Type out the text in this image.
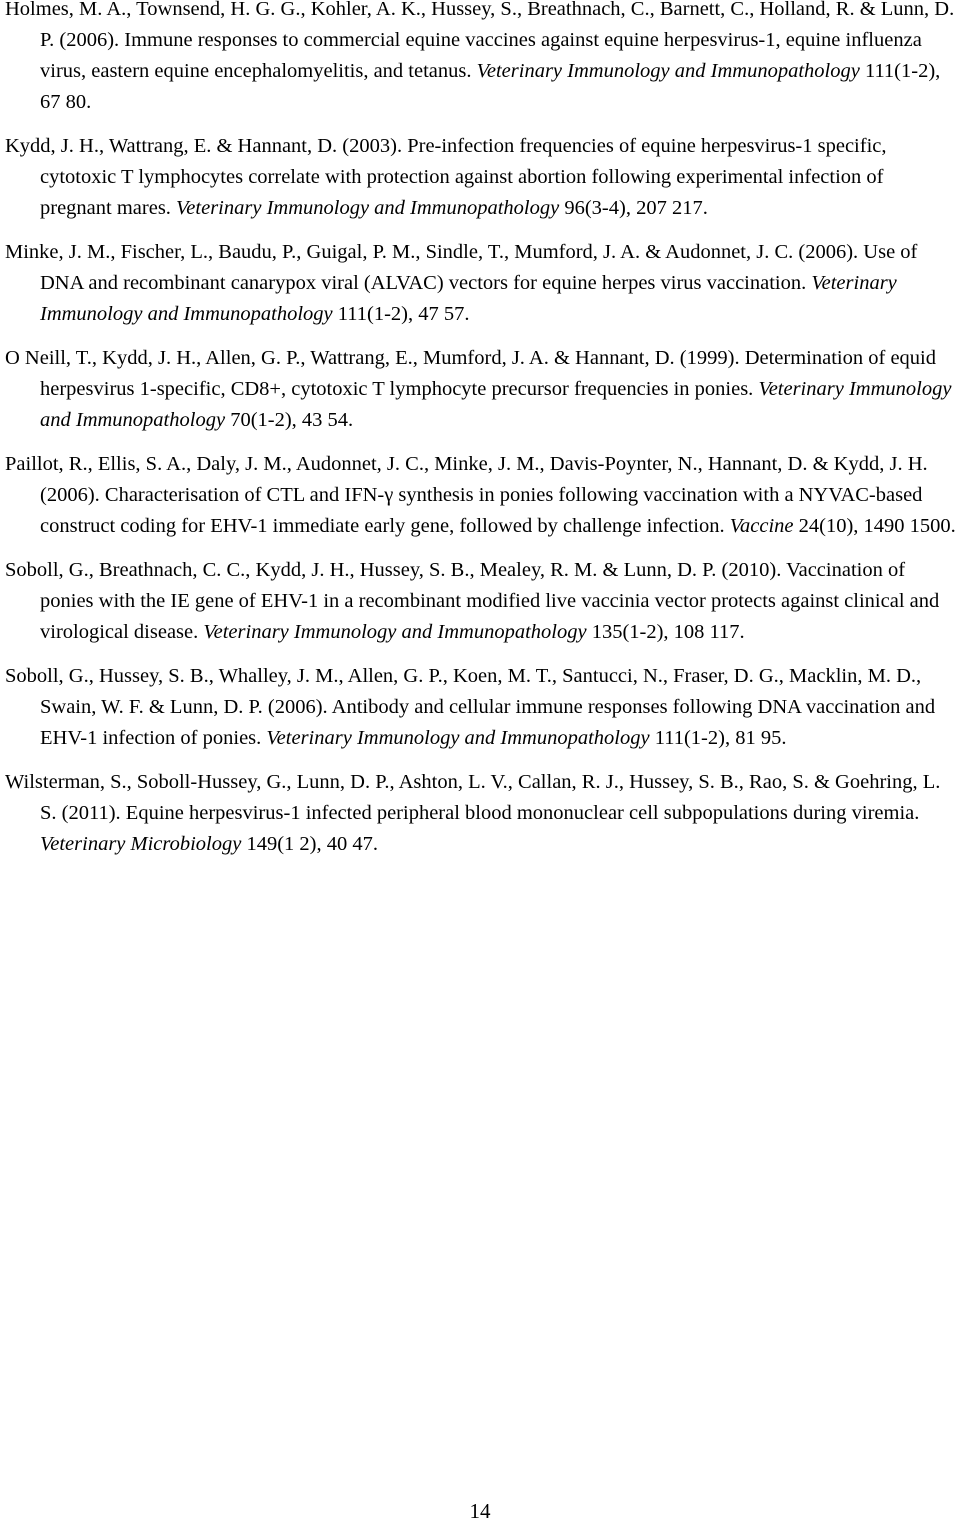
Holmes, M. A., Townsend, H. G. G., Kohler, A. K., Hussey, S., Breathnach, C., Barnett, C., Holland, R. & Lunn, D. P. (2006). Immune responses to commercial equine vaccines against equine herpesvirus-1, equine influenza virus, eastern equine encephalomyelitis, and tetanus. Veterinary Immunology and Immunopathology 111(1-2), 67 80.

Kydd, J. H., Wattrang, E. & Hannant, D. (2003). Pre-infection frequencies of equine herpesvirus-1 specific, cytotoxic T lymphocytes correlate with protection against abortion following experimental infection of pregnant mares. Veterinary Immunology and Immunopathology 96(3-4), 207 217.

Minke, J. M., Fischer, L., Baudu, P., Guigal, P. M., Sindle, T., Mumford, J. A. & Audonnet, J. C. (2006). Use of DNA and recombinant canarypox viral (ALVAC) vectors for equine herpes virus vaccination. Veterinary Immunology and Immunopathology 111(1-2), 47 57.

O Neill, T., Kydd, J. H., Allen, G. P., Wattrang, E., Mumford, J. A. & Hannant, D. (1999). Determination of equid herpesvirus 1-specific, CD8+, cytotoxic T lymphocyte precursor frequencies in ponies. Veterinary Immunology and Immunopathology 70(1-2), 43 54.

Paillot, R., Ellis, S. A., Daly, J. M., Audonnet, J. C., Minke, J. M., Davis-Poynter, N., Hannant, D. & Kydd, J. H. (2006). Characterisation of CTL and IFN-γ synthesis in ponies following vaccination with a NYVAC-based construct coding for EHV-1 immediate early gene, followed by challenge infection. Vaccine 24(10), 1490 1500.

Soboll, G., Breathnach, C. C., Kydd, J. H., Hussey, S. B., Mealey, R. M. & Lunn, D. P. (2010). Vaccination of ponies with the IE gene of EHV-1 in a recombinant modified live vaccinia vector protects against clinical and virological disease. Veterinary Immunology and Immunopathology 135(1-2), 108 117.

Soboll, G., Hussey, S. B., Whalley, J. M., Allen, G. P., Koen, M. T., Santucci, N., Fraser, D. G., Macklin, M. D., Swain, W. F. & Lunn, D. P. (2006). Antibody and cellular immune responses following DNA vaccination and EHV-1 infection of ponies. Veterinary Immunology and Immunopathology 111(1-2), 81 95.

Wilsterman, S., Soboll-Hussey, G., Lunn, D. P., Ashton, L. V., Callan, R. J., Hussey, S. B., Rao, S. & Goehring, L. S. (2011). Equine herpesvirus-1 infected peripheral blood mononuclear cell subpopulations during viremia. Veterinary Microbiology 149(1 2), 40 47.

14
